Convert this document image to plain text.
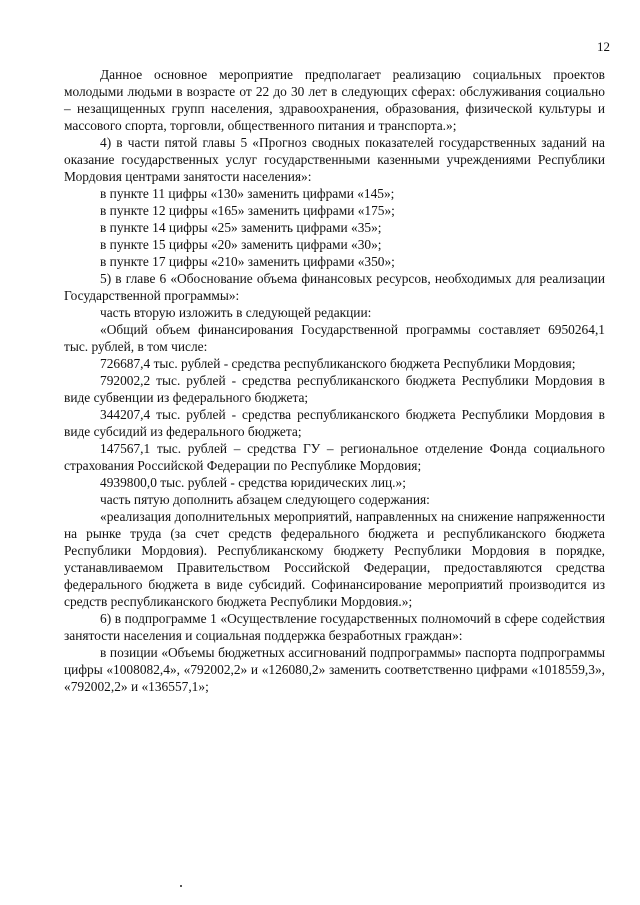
12

Данное основное мероприятие предполагает реализацию социальных проектов молодыми людьми в возрасте от 22 до 30 лет в следующих сферах: обслуживания социально – незащищенных групп населения, здравоохранения, образования, физической культуры и массового спорта, торговли, общественного питания и транспорта.»;

4) в части пятой главы 5 «Прогноз сводных показателей государственных заданий на оказание государственных услуг государственными казенными учреждениями Республики Мордовия центрами занятости населения»:

в пункте 11 цифры «130» заменить цифрами «145»;

в пункте 12 цифры «165» заменить цифрами «175»;

в пункте 14 цифры «25» заменить цифрами «35»;

в пункте 15 цифры «20» заменить цифрами «30»;

в пункте 17 цифры «210» заменить цифрами «350»;

5) в главе 6 «Обоснование объема финансовых ресурсов, необходимых для реализации Государственной программы»:

часть вторую изложить в следующей редакции:

«Общий объем финансирования Государственной программы составляет 6950264,1 тыс. рублей, в том числе:

726687,4 тыс. рублей - средства республиканского бюджета Республики Мордовия;

792002,2 тыс. рублей - средства республиканского бюджета Республики Мордовия в виде субвенции из федерального бюджета;

344207,4 тыс. рублей - средства республиканского бюджета Республики Мордовия в виде субсидий из федерального бюджета;

147567,1 тыс. рублей – средства ГУ – региональное отделение Фонда социального страхования Российской Федерации по Республике Мордовия;

4939800,0 тыс. рублей - средства юридических лиц.»;

часть пятую дополнить абзацем следующего содержания:

«реализация дополнительных мероприятий, направленных на снижение напряженности на рынке труда (за счет средств федерального бюджета и республиканского бюджета Республики Мордовия). Республиканскому бюджету Республики Мордовия в порядке, устанавливаемом Правительством Российской Федерации, предоставляются средства федерального бюджета в виде субсидий. Софинансирование мероприятий производится из средств республиканского бюджета Республики Мордовия.»;

6) в подпрограмме 1 «Осуществление государственных полномочий в сфере содействия занятости населения и социальная поддержка безработных граждан»:

в позиции «Объемы бюджетных ассигнований подпрограммы» паспорта подпрограммы цифры «1008082,4», «792002,2» и «126080,2» заменить соответственно цифрами «1018559,3», «792002,2» и «136557,1»;
